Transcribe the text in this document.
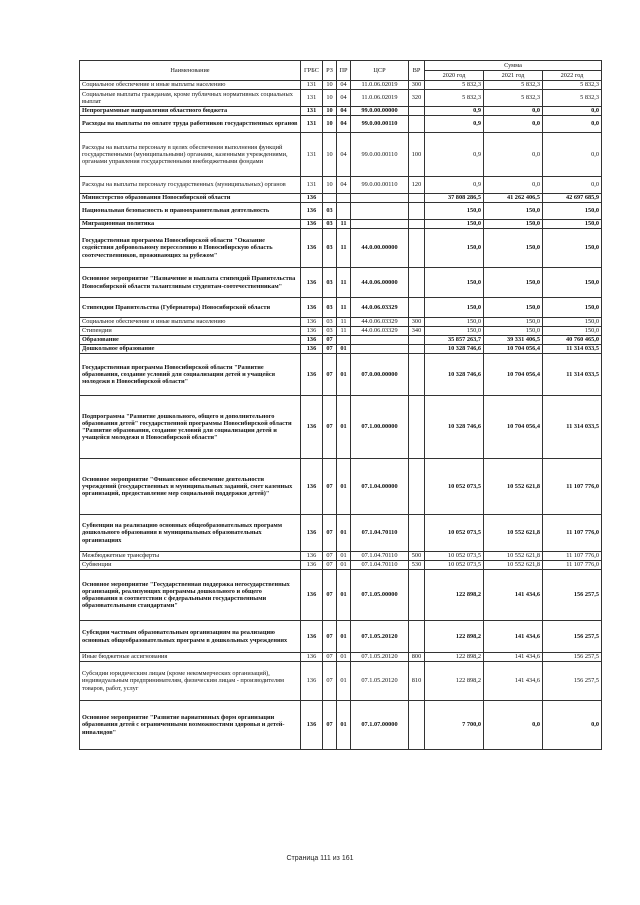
Наименование	ГРБС	РЗ	ПР	ЦСР	ВР	Сумма		
						2020 год	2021 год	2022 год
Социальное обеспечение и иные выплаты населению	131	10	04	11.0.06.02019	300	5 832,3	5 832,3	5 832,3
Социальные выплаты гражданам, кроме публичных нормативных социальных выплат	131	10	04	11.0.06.02019	320	5 832,3	5 832,3	5 832,3
Непрограммные направления областного бюджета	131	10	04	99.0.00.00000		0,9	0,0	0,0
Расходы на выплаты по оплате труда работников государственных органов	131	10	04	99.0.00.00110		0,9	0,0	0,0
Расходы на выплаты персоналу в целях обеспечения выполнения функций государственными (муниципальными) органами, казенными учреждениями, органами управления государственными внебюджетными фондами	131	10	04	99.0.00.00110	100	0,9	0,0	0,0
Расходы на выплаты персоналу государственных (муниципальных) органов	131	10	04	99.0.00.00110	120	0,9	0,0	0,0
Министерство образования Новосибирской области	136					37 808 286,5	41 262 406,5	42 697 685,9
Национальная безопасность и правоохранительная деятельность	136	03				150,0	150,0	150,0
Миграционная политика	136	03	11			150,0	150,0	150,0
Государственная программа Новосибирской области "Оказание содействия добровольному переселению в Новосибирскую область соотечественников, проживающих за рубежом"	136	03	11	44.0.00.00000		150,0	150,0	150,0
Основное мероприятие "Назначение и выплата стипендий Правительства Новосибирской области талантливым студентам-соотечественникам"	136	03	11	44.0.06.00000		150,0	150,0	150,0
Стипендии Правительства (Губернатора) Новосибирской области	136	03	11	44.0.06.03329		150,0	150,0	150,0
Социальное обеспечение и иные выплаты населению	136	03	11	44.0.06.03329	300	150,0	150,0	150,0
Стипендии	136	03	11	44.0.06.03329	340	150,0	150,0	150,0
Образование	136	07				35 857 263,7	39 331 406,5	40 760 465,0
Дошкольное образование	136	07	01			10 328 746,6	10 704 056,4	11 314 033,5
Государственная программа Новосибирской области "Развитие образования, создание условий для социализации детей и учащейся молодежи в Новосибирской области"	136	07	01	07.0.00.00000		10 328 746,6	10 704 056,4	11 314 033,5
Подпрограмма "Развитие дошкольного, общего и дополнительного образования детей" государственной программы Новосибирской области "Развитие образования, создание условий для социализации детей и учащейся молодежи в Новосибирской области"	136	07	01	07.1.00.00000		10 328 746,6	10 704 056,4	11 314 033,5
Основное мероприятие "Финансовое обеспечение деятельности учреждений (государственных и муниципальных заданий, смет казенных организаций, предоставление мер социальной поддержки детей)"	136	07	01	07.1.04.00000		10 052 073,5	10 552 621,8	11 107 776,0
Субвенции на реализацию основных общеобразовательных программ дошкольного образования в муниципальных образовательных организациях	136	07	01	07.1.04.70110		10 052 073,5	10 552 621,8	11 107 776,0
Межбюджетные трансферты	136	07	01	07.1.04.70110	500	10 052 073,5	10 552 621,8	11 107 776,0
Субвенции	136	07	01	07.1.04.70110	530	10 052 073,5	10 552 621,8	11 107 776,0
Основное мероприятие "Государственная поддержка негосударственных организаций, реализующих программы дошкольного и общего образования в соответствии с федеральными государственными образовательными стандартами"	136	07	01	07.1.05.00000		122 898,2	141 434,6	156 257,5
Субсидии частным образовательным организациям на реализацию основных общеобразовательных программ в дошкольных учреждениях	136	07	01	07.1.05.20120		122 898,2	141 434,6	156 257,5
Иные бюджетные ассигнования	136	07	01	07.1.05.20120	800	122 898,2	141 434,6	156 257,5
Субсидии юридическим лицам (кроме некоммерческих организаций), индивидуальным предпринимателям, физическим лицам - производителям товаров, работ, услуг	136	07	01	07.1.05.20120	810	122 898,2	141 434,6	156 257,5
Основное мероприятие "Развитие вариативных форм организации образования детей с ограниченными возможностями здоровья и детей-инвалидов"	136	07	01	07.1.07.00000		7 700,0	0,0	0,0
Страница 111 из 161
